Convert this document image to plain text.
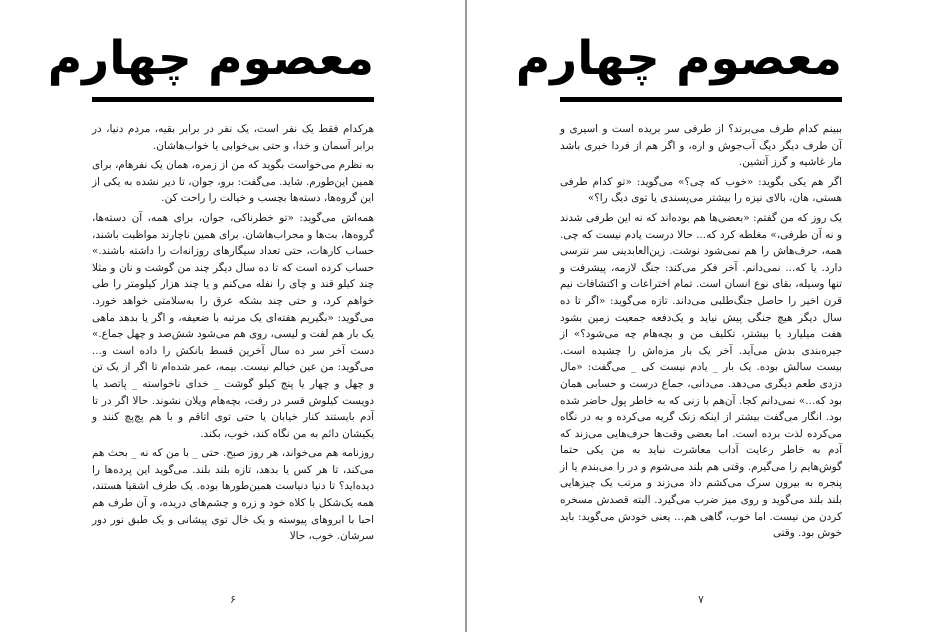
معصوم چهارم

هرکدام فقط یک نفر است، یک نفر در برابر بقیه، مردم دنیا، در برابر آسمان و خدا، و حتی بی‌خوابی یا خواب‌هاشان.

به نظرم می‌خواست بگوید که من از زمره، همان یک نفرهام، برای همین این‌طورم. شاید. می‌گفت: برو، جوان، تا دیر نشده به یکی از این گروه‌ها، دسته‌ها بچسب و خیالت را راحت کن.

همه‌اش می‌گوید: «تو خطرناکی، جوان، برای همه، آن دسته‌ها، گروه‌ها، بت‌ها و محراب‌هاشان. برای همین ناچارند مواظبت باشند، حساب کارهات، حتی تعداد سیگارهای روزانه‌ات را داشته باشند.» حساب کرده است که تا ده سال دیگر چند من گوشت و نان و مثلا چند کیلو قند و چای را نفله می‌کنم و یا چند هزار کیلومتر را طی خواهم کرد، و حتی چند بشکه عرق را به‌سلامتی خواهد خورد. می‌گوید: «بگیریم هفته‌ای یک مرتبه با ضعیفه، و اگر یا بدهد ماهی یک بار هم لفت و لیسی، روی هم می‌شود شش‌صد و چهل جماع.» دست آخر سر ده سال آخرین قسط بانکش را داده است و... می‌گوید: من عین خیالم نیست. بیمه، عمر شده‌ام تا اگر از یک تن و چهل و چهار یا پنج کیلو گوشت _ خدای ناخواسته _ پاتصد یا دویست کیلوش قسر در رفت، بچه‌هام ویلان نشوند. حالا اگر در تا آدم بایستند کنار خیابان یا حتی توی اتاقم و با هم پچ‌پچ کنند و یکیشان دائم به من نگاه کند، خوب، بکند.

روزنامه هم می‌خواند، هر روز صبح. حتی _ با من که نه _ بحث هم می‌کند، تا هر کس یا بدهد، تازه بلند بلند. می‌گوید این پرده‌ها را دیده‌اید؟ تا دنیا دنیاست همین‌طورها بوده. یک طرف اشقیا هستند، همه یک‌شکل با کلاه خود و زره و چشم‌های دریده، و آن طرف هم احبا با ابروهای پیوسته و یک خال توی پیشانی و یک طبق نور دور سرشان. خوب، حالا

۶
معصوم چهارم

ببینم کدام طرف می‌برند؟ از طرفی سر بریده است و اسیری و آن طرف دیگر دیگ آب‌جوش و اره، و اگر هم از فردا خبری باشد مار غاشیه و گرز آتشین.

اگر هم یکی بگوید: «خوب که چی؟» می‌گوید: «تو کدام طرفی هستی، هان، بالای نیزه را بیشتر می‌پسندی یا توی دیگ را؟»

یک روز که من گفتم: «بعضی‌ها هم بوده‌اند که نه این طرفی شدند و نه آن طرفی،» مغلطه کرد که... حالا درست یادم نیست که چی. همه، حرف‌هاش را هم نمی‌شود نوشت. زین‌العابدینی سر نترسی دارد. یا که... نمی‌دانم. آخر فکر می‌کند: جنگ لازمه، پیشرفت و تنها وسیله، بقای نوع انسان است. تمام اختراعات و اکتشافات نیم قرن اخیر را حاصل جنگ‌طلبی می‌داند. تازه می‌گوید: «اگر تا ده سال دیگر هیچ جنگی پیش نیاید و یک‌دفعه جمعیت زمین بشود هفت میلیارد یا بیشتر، تکلیف من و بچه‌هام چه می‌شود؟» از جیره‌بندی بدش می‌آید. آخر یک بار مزه‌اش را چشیده است. بیست سالش بوده. یک بار _ یادم نیست کی _ می‌گفت: «مال دزدی طعم دیگری می‌دهد. می‌دانی، جماع درست و حسابی همان بود که...» نمی‌دانم کجا. آن‌هم با زنی که به خاطر پول حاضر شده بود. انگار می‌گفت بیشتر از اینکه زنک گریه می‌کرده و به در نگاه می‌کرده لذت برده است. اما بعضی وقت‌ها حرف‌هایی می‌زند که آدم به خاطر رعایت آداب معاشرت نباید به من یکی حتما گوش‌هایم را می‌گیرم. وقتی هم بلند می‌شوم و در را می‌بندم یا از پنجره به بیرون سرک می‌کشم داد می‌زند و مرتب یک چیزهایی بلند بلند می‌گوید و روی میز ضرب می‌گیرد. البته قصدش مسخره کردن من نیست. اما خوب، گاهی هم... یعنی خودش می‌گوید: باید خوش بود. وقتی

۷
